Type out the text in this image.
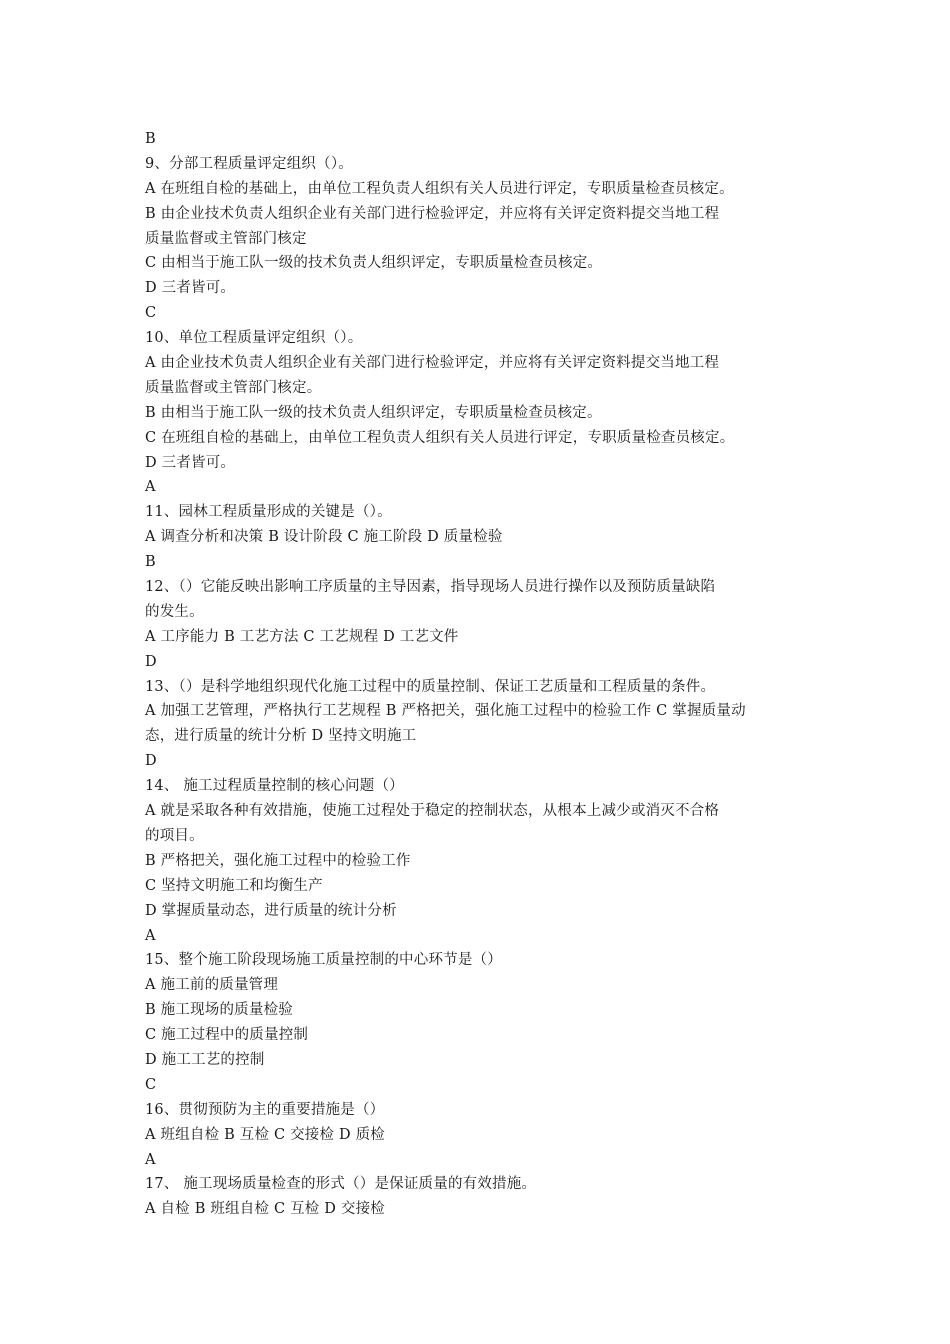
B
9、分部工程质量评定组织（）。
A 在班组自检的基础上，由单位工程负责人组织有关人员进行评定，专职质量检查员核定。
B 由企业技术负责人组织企业有关部门进行检验评定，并应将有关评定资料提交当地工程
质量监督或主管部门核定
C 由相当于施工队一级的技术负责人组织评定，专职质量检查员核定。
D 三者皆可。
C
10、单位工程质量评定组织（）。
A 由企业技术负责人组织企业有关部门进行检验评定，并应将有关评定资料提交当地工程
质量监督或主管部门核定。
B 由相当于施工队一级的技术负责人组织评定，专职质量检查员核定。
C 在班组自检的基础上，由单位工程负责人组织有关人员进行评定，专职质量检查员核定。
D 三者皆可。
A
11、园林工程质量形成的关键是（）。
A 调查分析和决策 B 设计阶段 C 施工阶段 D 质量检验
B
12、（）它能反映出影响工序质量的主导因素，指导现场人员进行操作以及预防质量缺陷
的发生。
A 工序能力 B 工艺方法 C 工艺规程 D 工艺文件
D
13、（）是科学地组织现代化施工过程中的质量控制、保证工艺质量和工程质量的条件。
A 加强工艺管理，严格执行工艺规程 B 严格把关，强化施工过程中的检验工作 C 掌握质量动
态，进行质量的统计分析 D 坚持文明施工
D
14、 施工过程质量控制的核心问题（）
A 就是采取各种有效措施，使施工过程处于稳定的控制状态，从根本上减少或消灭不合格
的项目。
B 严格把关，强化施工过程中的检验工作
C 坚持文明施工和均衡生产
D 掌握质量动态，进行质量的统计分析
A
15、整个施工阶段现场施工质量控制的中心环节是（）
A 施工前的质量管理
B 施工现场的质量检验
C 施工过程中的质量控制
D 施工工艺的控制
C
16、贯彻预防为主的重要措施是（）
A 班组自检 B 互检 C 交接检 D 质检
A
17、 施工现场质量检查的形式（）是保证质量的有效措施。
A 自检 B 班组自检 C 互检 D 交接检
